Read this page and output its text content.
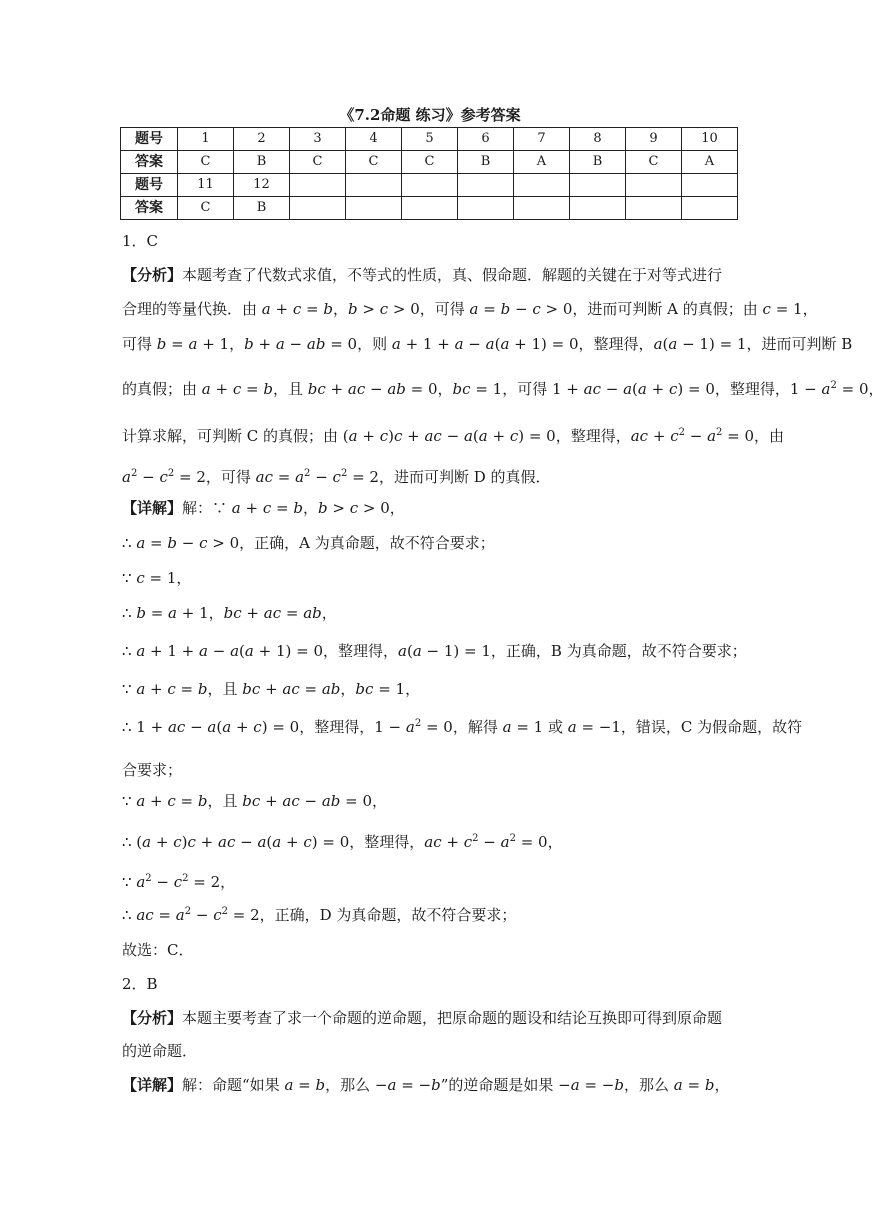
《7.2命题 练习》参考答案
题号	1	2	3	4	5	6	7	8	9	10
答案	C	B	C	C	C	B	A	B	C	A
题号	11	12								
答案	C	B								
1．C
【分析】本题考查了代数式求值，不等式的性质，真、假命题．解题的关键在于对等式进行
合理的等量代换．由 a + c = b，b > c > 0，可得 a = b − c > 0，进而可判断 A 的真假；由 c = 1，
可得 b = a + 1，b + a − ab = 0，则 a + 1 + a − a(a + 1) = 0，整理得，a(a − 1) = 1，进而可判断 B
的真假；由 a + c = b，且 bc + ac − ab = 0，bc = 1，可得 1 + ac − a(a + c) = 0，整理得，$1 - a^2 = 0$，
计算求解，可判断 C 的真假；由 (a + c)c + ac − a(a + c) = 0，整理得，ac + $c^2 - a^2 = 0$，由
$a^2 - c^2 = 2$，可得 ac = $a^2 - c^2 = 2$，进而可判断 D 的真假．
【详解】解：∵ a + c = b，b > c > 0，
∴ a = b − c > 0，正确，A 为真命题，故不符合要求；
∵ c = 1，
∴ b = a + 1，bc + ac = ab，
∴ a + 1 + a − a(a + 1) = 0，整理得，a(a − 1) = 1，正确，B 为真命题，故不符合要求；
∵ a + c = b，且 bc + ac = ab，bc = 1，
∴ 1 + ac − a(a + c) = 0，整理得，$1 - a^2 = 0$，解得 a = 1 或 a = −1，错误，C 为假命题，故符
合要求；
∵ a + c = b，且 bc + ac − ab = 0，
∴ (a + c)c + ac − a(a + c) = 0，整理得，ac + $c^2 - a^2 = 0$，
∵ $a^2 - c^2 = 2$，
∴ ac = $a^2 - c^2 = 2$，正确，D 为真命题，故不符合要求；
故选：C．
2．B
【分析】本题主要考查了求一个命题的逆命题，把原命题的题设和结论互换即可得到原命题
的逆命题．
【详解】解：命题“如果 a = b，那么 −a = −b”的逆命题是如果 −a = −b，那么 a = b，
